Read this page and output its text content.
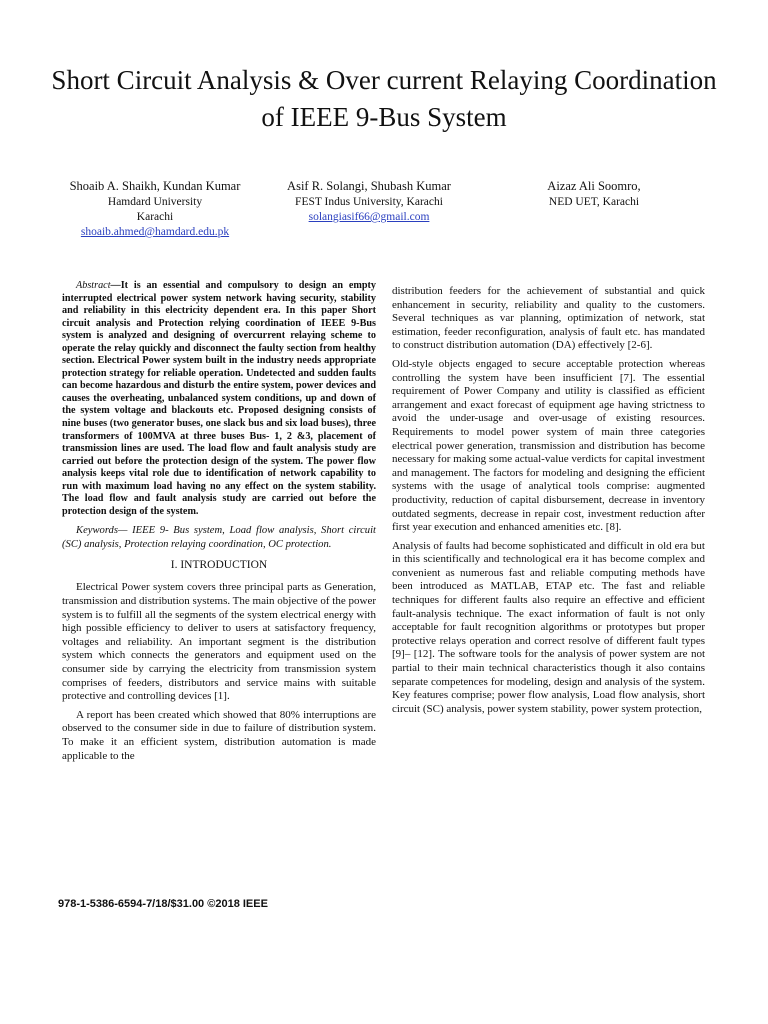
Short Circuit Analysis & Over current Relaying Coordination of IEEE 9-Bus System
Shoaib A. Shaikh, Kundan Kumar
Hamdard University
Karachi
shoaib.ahmed@hamdard.edu.pk
Asif R. Solangi, Shubash Kumar
FEST Indus University, Karachi
solangiasif66@gmail.com
Aizaz Ali Soomro,
NED UET, Karachi

Abstract—It is an essential and compulsory to design an empty interrupted electrical power system network having security, stability and reliability in this electricity dependent era. In this paper Short circuit analysis and Protection relying coordination of IEEE 9-Bus system is analyzed and designing of overcurrent relaying scheme to operate the relay quickly and disconnect the faulty section from healthy section. Electrical Power system built in the industry needs appropriate protection strategy for reliable operation. Undetected and sudden faults can become hazardous and disturb the entire system, power devices and causes the overheating, unbalanced system conditions, up and down of the system voltage and blackouts etc. Proposed designing consists of nine buses (two generator buses, one slack bus and six load buses), three transformers of 100MVA at three buses Bus- 1, 2 &3, placement of transmission lines are used. The load flow and fault analysis study are carried out before the protection design of the system. The power flow analysis keeps vital role due to identification of network capability to run with maximum load having no any effect on the system stability. The load flow and fault analysis study are carried out before the protection design of the system.

Keywords— IEEE 9- Bus system, Load flow analysis, Short circuit (SC) analysis, Protection relaying coordination, OC protection.

I. INTRODUCTION

Electrical Power system covers three principal parts as Generation, transmission and distribution systems. The main objective of the power system is to fulfill all the segments of the system electrical energy with high possible efficiency to deliver to users at satisfactory frequency, voltages and reliability. An important segment is the distribution system which connects the generators and equipment used on the consumer side by carrying the electricity from transmission system comprises of feeders, distributors and service mains with suitable protective and controlling devices [1].

A report has been created which showed that 80% interruptions are observed to the consumer side in due to failure of distribution system. To make it an efficient system, distribution automation is made applicable to the

distribution feeders for the achievement of substantial and quick enhancement in security, reliability and quality to the customers. Several techniques as var planning, optimization of network, stat estimation, feeder reconfiguration, analysis of fault etc. has mandated to construct distribution automation (DA) effectively [2-6].

Old-style objects engaged to secure acceptable protection whereas controlling the system have been insufficient [7]. The essential requirement of Power Company and utility is classified as efficient arrangement and exact forecast of equipment age having strictness to avoid the under-usage and over-usage of existing resources. Requirements to model power system of main three categories electrical power generation, transmission and distribution has become necessary for making some actual-value verdicts for capital investment and management. The factors for modeling and designing the efficient systems with the usage of analytical tools comprise: augmented productivity, reduction of capital disbursement, decrease in inventory outdated segments, decrease in repair cost, investment reduction after first year execution and enhanced amenities etc. [8].

Analysis of faults had become sophisticated and difficult in old era but in this scientifically and technological era it has become complex and convenient as numerous fast and reliable computing methods have been introduced as MATLAB, ETAP etc. The fast and reliable techniques for different faults also require an effective and efficient fault-analysis technique. The exact information of fault is not only acceptable for fault recognition algorithms or prototypes but proper protective relays operation and correct resolve of different fault types [9]– [12]. The software tools for the analysis of power system are not partial to their main technical characteristics though it also contains separate competences for modeling, design and analysis of the system. Key features comprise; power flow analysis, Load flow analysis, short circuit (SC) analysis, power system stability, power system protection,

978-1-5386-6594-7/18/$31.00 ©2018 IEEE
